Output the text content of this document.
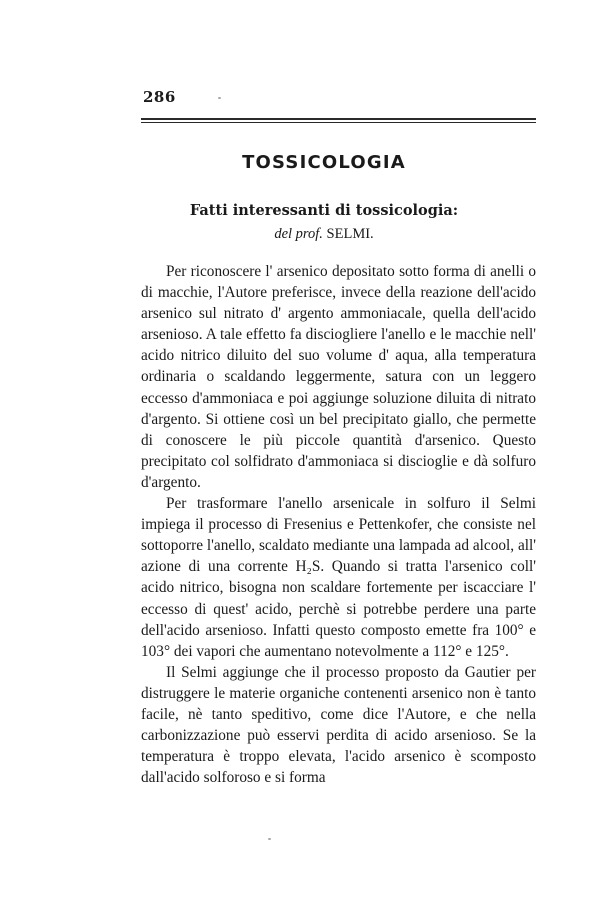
286
TOSSICOLOGIA
Fatti interessanti di tossicologia:
del prof. SELMI.

Per riconoscere l' arsenico depositato sotto forma di anelli o di macchie, l'Autore preferisce, invece della reazione dell'acido arsenico sul nitrato d' argento ammoniacale, quella dell'acido arsenioso. A tale effetto fa disciogliere l'anello e le macchie nell' acido nitrico diluito del suo volume d' aqua, alla temperatura ordinaria o scaldando leggermente, satura con un leggero eccesso d'ammoniaca e poi aggiunge soluzione diluita di nitrato d'argento. Si ottiene così un bel precipitato giallo, che permette di conoscere le più piccole quantità d'arsenico. Questo precipitato col solfidrato d'ammoniaca si discioglie e dà solfuro d'argento.

Per trasformare l'anello arsenicale in solfuro il Selmi impiega il processo di Fresenius e Pettenkofer, che consiste nel sottoporre l'anello, scaldato mediante una lampada ad alcool, all' azione di una corrente H₂S. Quando si tratta l'arsenico coll' acido nitrico, bisogna non scaldare fortemente per iscacciare l' eccesso di quest' acido, perchè si potrebbe perdere una parte dell'acido arsenioso. Infatti questo composto emette fra 100° e 103° dei vapori che aumentano notevolmente a 112° e 125°.

Il Selmi aggiunge che il processo proposto da Gautier per distruggere le materie organiche contenenti arsenico non è tanto facile, nè tanto speditivo, come dice l'Autore, e che nella carbonizzazione può esservi perdita di acido arsenioso. Se la temperatura è troppo elevata, l'acido arsenico è scomposto dall'acido solforoso e si forma
